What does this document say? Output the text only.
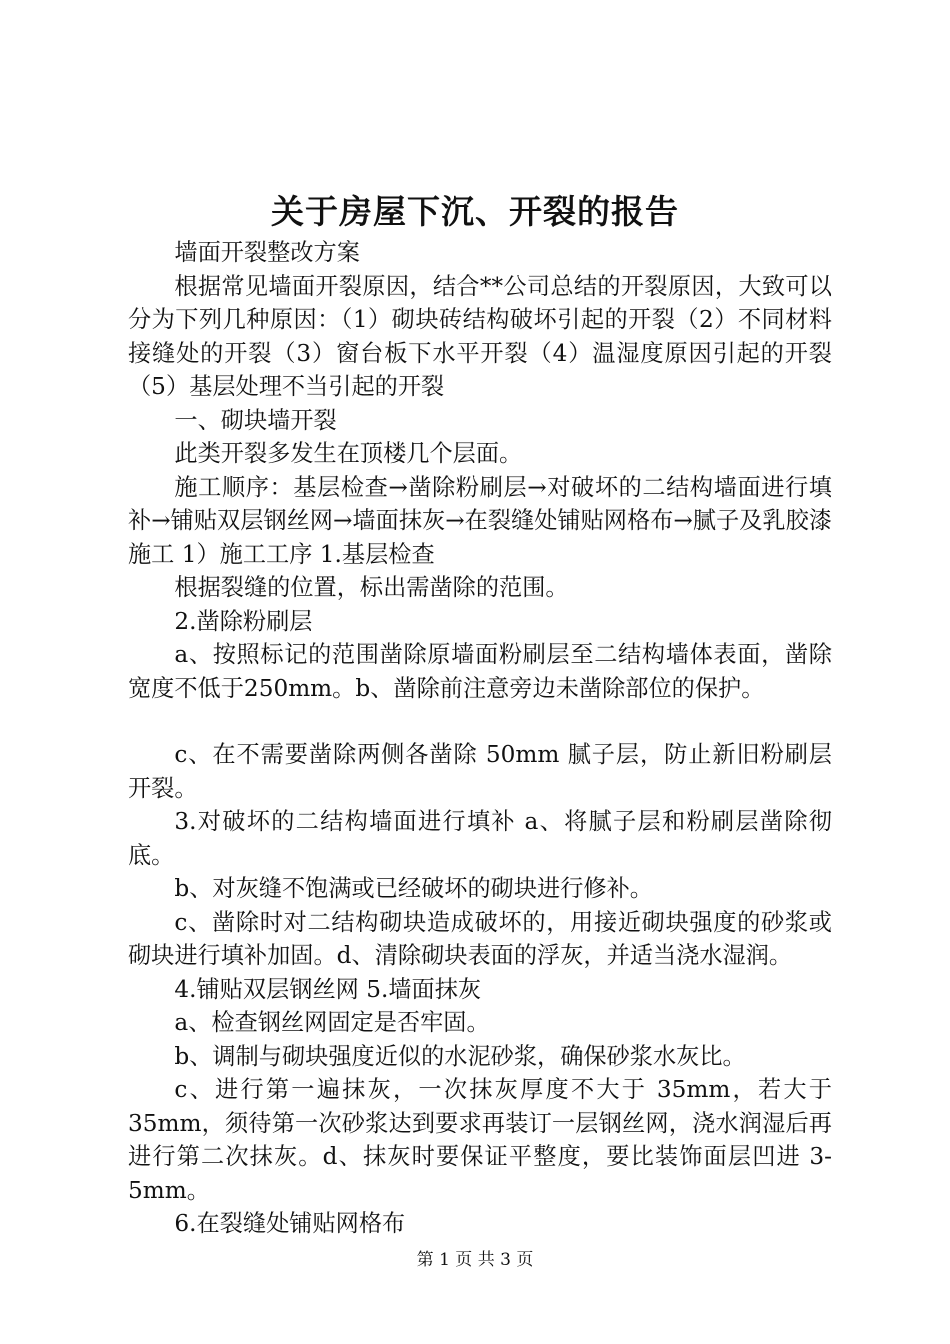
关于房屋下沉、开裂的报告

墙面开裂整改方案

根据常见墙面开裂原因，结合**公司总结的开裂原因，大致可以分为下列几种原因：（1）砌块砖结构破坏引起的开裂（2）不同材料接缝处的开裂（3）窗台板下水平开裂（4）温湿度原因引起的开裂（5）基层处理不当引起的开裂

一、砌块墙开裂

此类开裂多发生在顶楼几个层面。

施工顺序：基层检查→凿除粉刷层→对破坏的二结构墙面进行填补→铺贴双层钢丝网→墙面抹灰→在裂缝处铺贴网格布→腻子及乳胶漆施工 1）施工工序 1.基层检查

根据裂缝的位置，标出需凿除的范围。

2.凿除粉刷层

a、按照标记的范围凿除原墙面粉刷层至二结构墙体表面，凿除宽度不低于250mm。b、凿除前注意旁边未凿除部位的保护。

c、在不需要凿除两侧各凿除 50mm 腻子层，防止新旧粉刷层开裂。

3.对破坏的二结构墙面进行填补 a、将腻子层和粉刷层凿除彻底。

b、对灰缝不饱满或已经破坏的砌块进行修补。

c、凿除时对二结构砌块造成破坏的，用接近砌块强度的砂浆或砌块进行填补加固。d、清除砌块表面的浮灰，并适当浇水湿润。

4.铺贴双层钢丝网 5.墙面抹灰

a、检查钢丝网固定是否牢固。

b、调制与砌块强度近似的水泥砂浆，确保砂浆水灰比。

c、进行第一遍抹灰，一次抹灰厚度不大于 35mm，若大于35mm，须待第一次砂浆达到要求再装订一层钢丝网，浇水润湿后再进行第二次抹灰。d、抹灰时要保证平整度，要比装饰面层凹进 3-5mm。

6.在裂缝处铺贴网格布

第 1 页 共 3 页
